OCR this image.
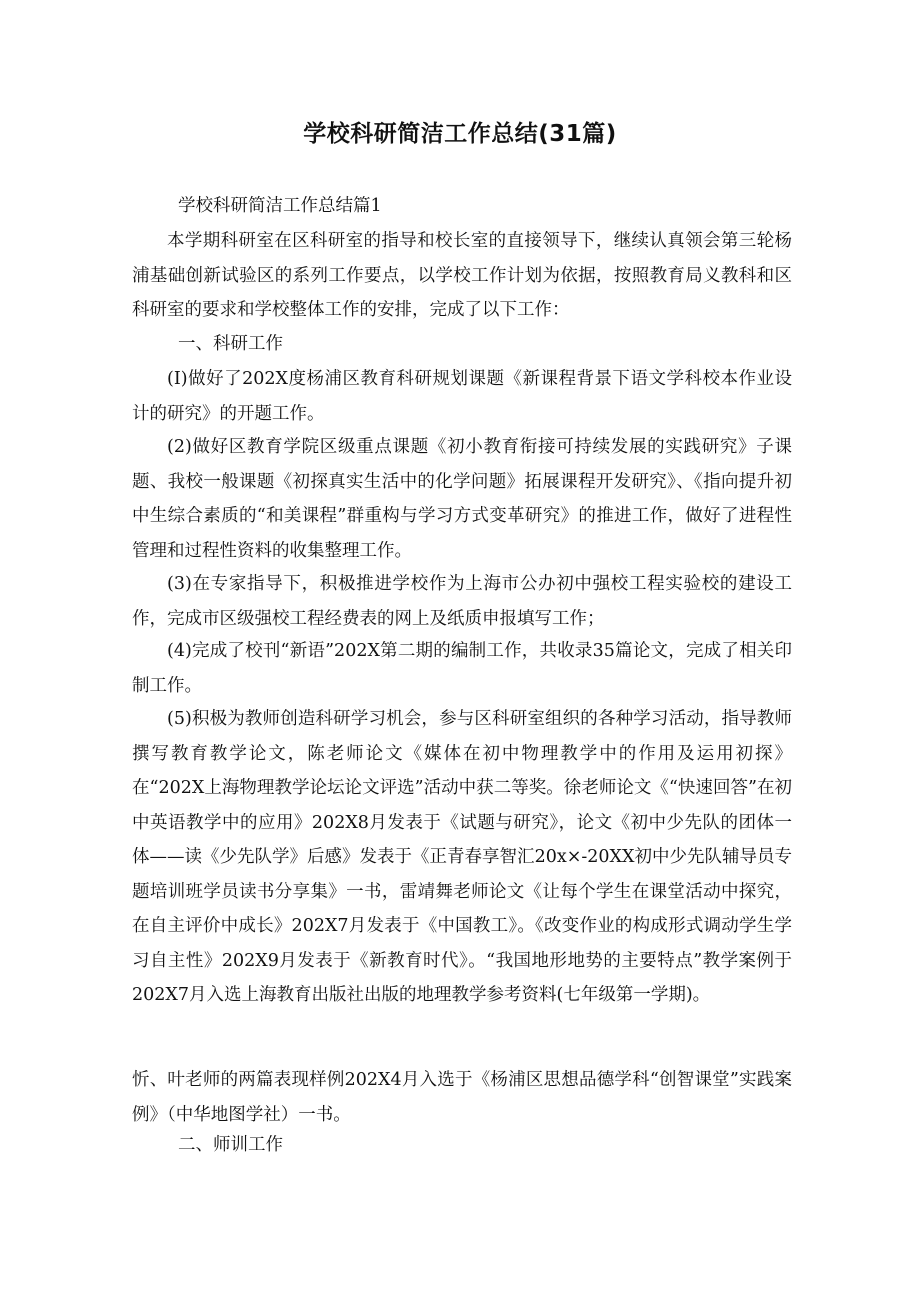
学校科研简洁工作总结(31篇)

学校科研简洁工作总结篇1

本学期科研室在区科研室的指导和校长室的直接领导下，继续认真领会第三轮杨浦基础创新试验区的系列工作要点，以学校工作计划为依据，按照教育局义教科和区科研室的要求和学校整体工作的安排，完成了以下工作：

一、科研工作

(I)做好了202X度杨浦区教育科研规划课题《新课程背景下语文学科校本作业设计的研究》的开题工作。

(2)做好区教育学院区级重点课题《初小教育衔接可持续发展的实践研究》子课题、我校一般课题《初探真实生活中的化学问题》拓展课程开发研究》、《指向提升初中生综合素质的“和美课程”群重构与学习方式变革研究》的推进工作，做好了进程性管理和过程性资料的收集整理工作。

(3)在专家指导下，积极推进学校作为上海市公办初中强校工程实验校的建设工作，完成市区级强校工程经费表的网上及纸质申报填写工作；

(4)完成了校刊“新语”202X第二期的编制工作，共收录35篇论文，完成了相关印制工作。

(5)积极为教师创造科研学习机会，参与区科研室组织的各种学习活动，指导教师撰写教育教学论文，陈老师论文《媒体在初中物理教学中的作用及运用初探》在“202X上海物理教学论坛论文评选”活动中获二等奖。徐老师论文《“快速回答”在初中英语教学中的应用》202X8月发表于《试题与研究》，论文《初中少先队的团体一体——读《少先队学》后感》发表于《正青春享智汇20x×-20XX初中少先队辅导员专题培训班学员读书分享集》一书，雷靖舞老师论文《让每个学生在课堂活动中探究，在自主评价中成长》202X7月发表于《中国教工》。《改变作业的构成形式调动学生学习自主性》202X9月发表于《新教育时代》。“我国地形地势的主要特点”教学案例于202X7月入选上海教育出版社出版的地理教学参考资料(七年级第一学期)。

忻、叶老师的两篇表现样例202X4月入选于《杨浦区思想品德学科“创智课堂”实践案例》（中华地图学社）一书。

二、师训工作
